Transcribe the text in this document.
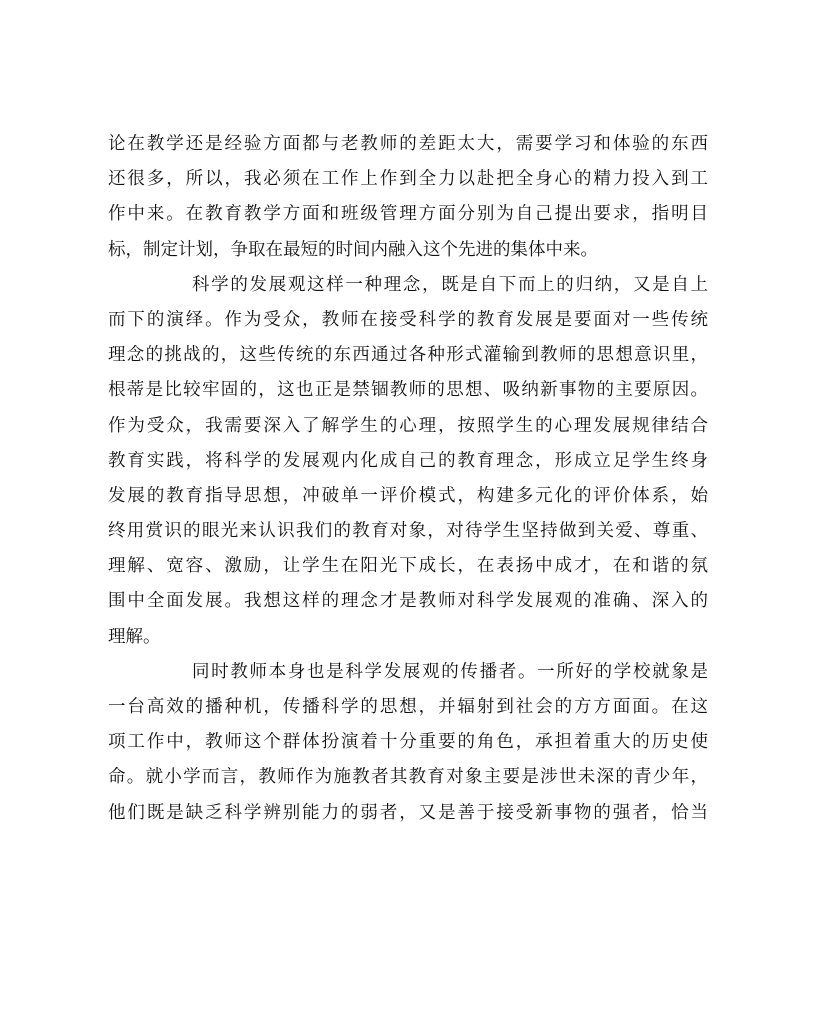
论在教学还是经验方面都与老教师的差距太大，需要学习和体验的东西
还很多，所以，我必须在工作上作到全力以赴把全身心的精力投入到工
作中来。在教育教学方面和班级管理方面分别为自己提出要求，指明目
标，制定计划，争取在最短的时间内融入这个先进的集体中来。
科学的发展观这样一种理念，既是自下而上的归纳，又是自上
而下的演绎。作为受众，教师在接受科学的教育发展是要面对一些传统
理念的挑战的，这些传统的东西通过各种形式灌输到教师的思想意识里，
根蒂是比较牢固的，这也正是禁锢教师的思想、吸纳新事物的主要原因。
作为受众，我需要深入了解学生的心理，按照学生的心理发展规律结合
教育实践，将科学的发展观内化成自己的教育理念，形成立足学生终身
发展的教育指导思想，冲破单一评价模式，构建多元化的评价体系，始
终用赏识的眼光来认识我们的教育对象，对待学生坚持做到关爱、尊重、
理解、宽容、激励，让学生在阳光下成长，在表扬中成才，在和谐的氛
围中全面发展。我想这样的理念才是教师对科学发展观的准确、深入的
理解。
同时教师本身也是科学发展观的传播者。一所好的学校就象是
一台高效的播种机，传播科学的思想，并辐射到社会的方方面面。在这
项工作中，教师这个群体扮演着十分重要的角色，承担着重大的历史使
命。就小学而言，教师作为施教者其教育对象主要是涉世未深的青少年，
他们既是缺乏科学辨别能力的弱者，又是善于接受新事物的强者，恰当
